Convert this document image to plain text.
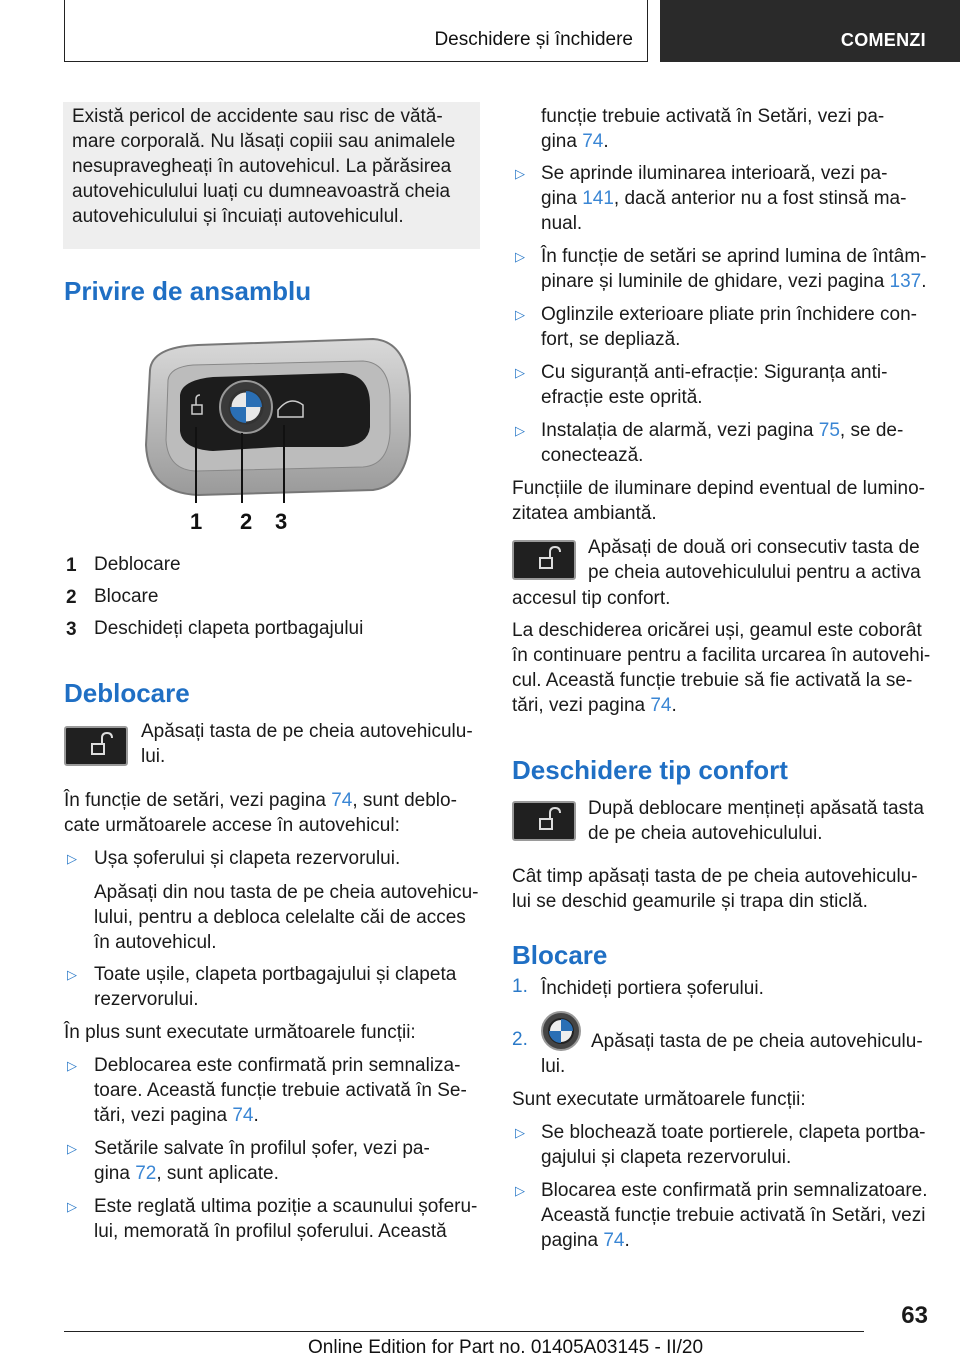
Deschidere și închidere	COMENZI

Există pericol de accidente sau risc de vătă-

mare corporală. Nu lăsați copiii sau animalele

nesupravegheați în autovehicul. La părăsirea

autovehiculului luați cu dumneavoastră cheia

autovehiculului și încuiați autovehiculul.

Privire de ansamblu
1 2 3
1 Deblocare

2 Blocare

3 Deschideți clapeta portbagajului

Deblocare

Apăsați tasta de pe cheia autovehiculu-

lui.

În funcție de setări, vezi pagina 74, sunt deblo-

cate următoarele accese în autovehicul:

▷ Ușa șoferului și clapeta rezervorului.

Apăsați din nou tasta de pe cheia autovehicu-

lului, pentru a debloca celelalte căi de acces

în autovehicul.

▷ Toate ușile, clapeta portbagajului și clapeta

rezervorului.

În plus sunt executate următoarele funcții:

▷ Deblocarea este confirmată prin semnaliza-

toare. Această funcție trebuie activată în Se-

tări, vezi pagina 74.

▷ Setările salvate în profilul șofer, vezi pa-

gina 72, sunt aplicate.

▷ Este reglată ultima poziție a scaunului șoferu-

lui, memorată în profilul șoferului. Această

funcție trebuie activată în Setări, vezi pa-

gina 74.

▷ Se aprinde iluminarea interioară, vezi pa-

gina 141, dacă anterior nu a fost stinsă ma-

nual.

▷ În funcție de setări se aprind lumina de întâm-

pinare și luminile de ghidare, vezi pagina 137.

▷ Oglinzile exterioare pliate prin închidere con-

fort, se depliază.

▷ Cu siguranță anti-efracție: Siguranța anti-

efracție este oprită.

▷ Instalația de alarmă, vezi pagina 75, se de-

conectează.

Funcțiile de iluminare depind eventual de lumino-

zitatea ambiantă.

Apăsați de două ori consecutiv tasta de

pe cheia autovehiculului pentru a activa

accesul tip confort.

La deschiderea oricărei uși, geamul este coborât

în continuare pentru a facilita urcarea în autovehi-

cul. Această funcție trebuie să fie activată la se-

tări, vezi pagina 74.

Deschidere tip confort

După deblocare mențineți apăsată tasta

de pe cheia autovehiculului.

Cât timp apăsați tasta de pe cheia autovehiculu-

lui se deschid geamurile și trapa din sticlă.

Blocare
1. Închideți portiera șoferului.

2.	Apăsați tasta de pe cheia autovehiculu-

lui.

Sunt executate următoarele funcții:

▷ Se blochează toate portierele, clapeta portba-

gajului și clapeta rezervorului.

▷ Blocarea este confirmată prin semnalizatoare.

Această funcție trebuie activată în Setări, vezi

pagina 74.

63
Online Edition for Part no. 01405A03145 - II/20
